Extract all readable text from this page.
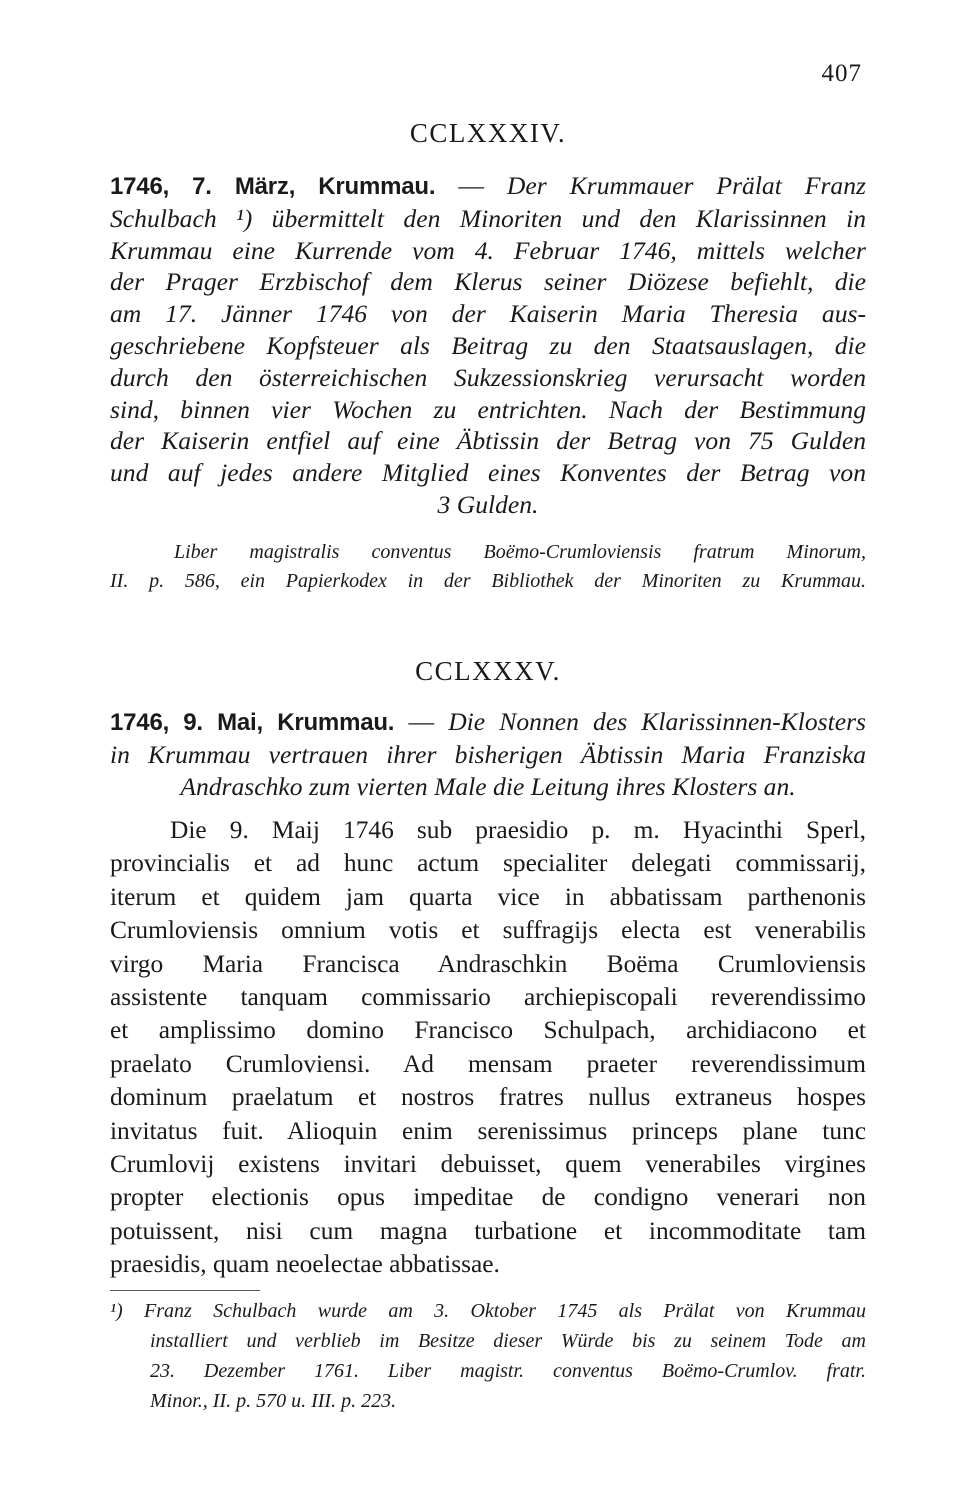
407
CCLXXXIV.
1746, 7. März, Krummau. — Der Krummauer Prälat Franz
Schulbach ¹) übermittelt den Minoriten und den Klarissinnen in
Krummau eine Kurrende vom 4. Februar 1746, mittels welcher
der Prager Erzbischof dem Klerus seiner Diözese befiehlt, die
am 17. Jänner 1746 von der Kaiserin Maria Theresia aus-
geschriebene Kopfsteuer als Beitrag zu den Staatsauslagen, die
durch den österreichischen Sukzessionskrieg verursacht worden
sind, binnen vier Wochen zu entrichten. Nach der Bestimmung
der Kaiserin entfiel auf eine Äbtissin der Betrag von 75 Gulden
und auf jedes andere Mitglied eines Konventes der Betrag von
3 Gulden.
Liber magistralis conventus Boëmo-Crumloviensis fratrum Minorum,
II. p. 586, ein Papierkodex in der Bibliothek der Minoriten zu Krummau.
CCLXXXV.
1746, 9. Mai, Krummau. — Die Nonnen des Klarissinnen-Klosters
in Krummau vertrauen ihrer bisherigen Äbtissin Maria Franziska
Andraschko zum vierten Male die Leitung ihres Klosters an.
Die 9. Maij 1746 sub praesidio p. m. Hyacinthi Sperl,
provincialis et ad hunc actum specialiter delegati commissarij,
iterum et quidem jam quarta vice in abbatissam parthenonis
Crumloviensis omnium votis et suffragijs electa est venerabilis
virgo Maria Francisca Andraschkin Boëma Crumloviensis
assistente tanquam commissario archiepiscopali reverendissimo
et amplissimo domino Francisco Schulpach, archidiacono et
praelato Crumloviensi. Ad mensam praeter reverendissimum
dominum praelatum et nostros fratres nullus extraneus hospes
invitatus fuit. Alioquin enim serenissimus princeps plane tunc
Crumlovij existens invitari debuisset, quem venerabiles virgines
propter electionis opus impeditae de condigno venerari non
potuissent, nisi cum magna turbatione et incommoditate tam
praesidis, quam neoelectae abbatissae.
¹) Franz Schulbach wurde am 3. Oktober 1745 als Prälat von Krummau
installiert und verblieb im Besitze dieser Würde bis zu seinem Tode am
23. Dezember 1761. Liber magistr. conventus Boëmo-Crumlov. fratr.
Minor., II. p. 570 u. III. p. 223.
